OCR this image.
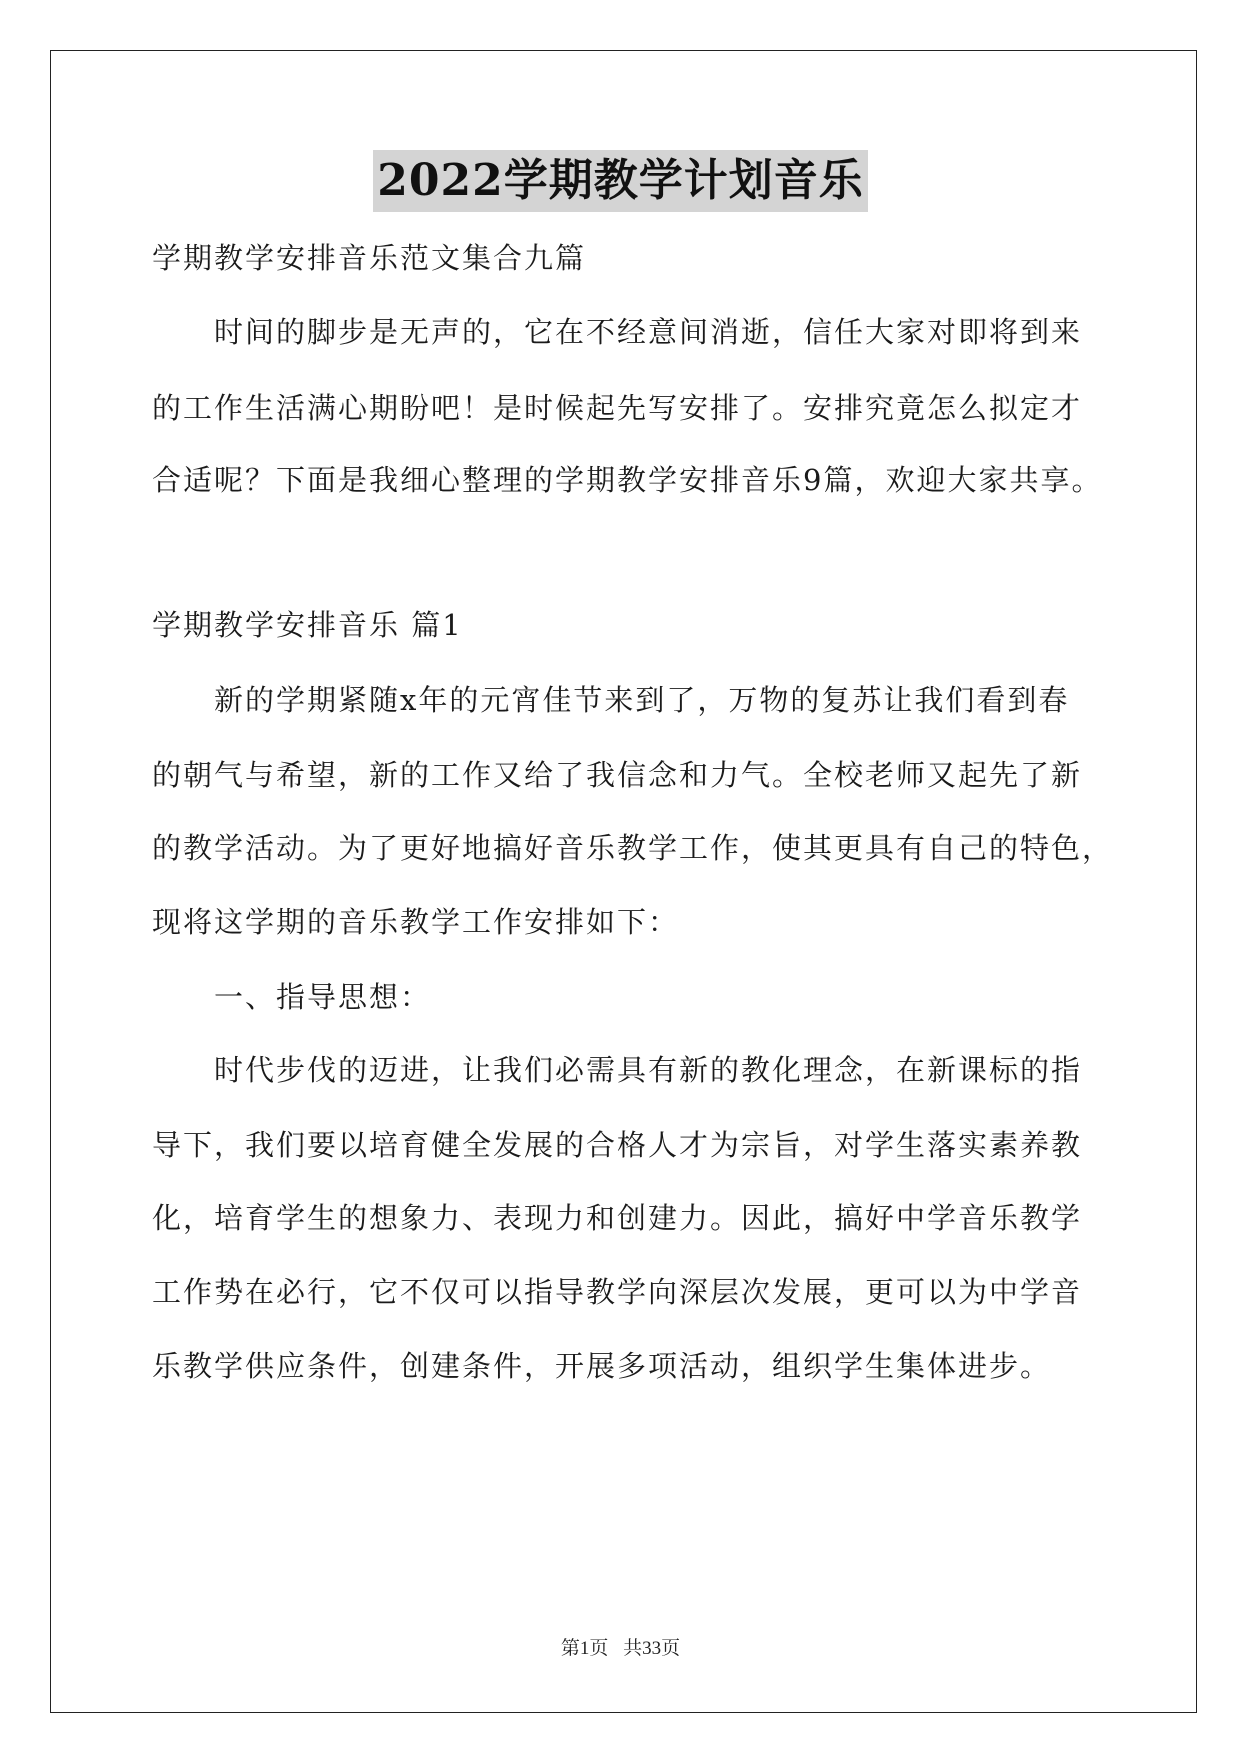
2022学期教学计划音乐
学期教学安排音乐范文集合九篇
时间的脚步是无声的，它在不经意间消逝，信任大家对即将到来
的工作生活满心期盼吧！是时候起先写安排了。安排究竟怎么拟定才
合适呢？下面是我细心整理的学期教学安排音乐9篇，欢迎大家共享。
学期教学安排音乐 篇1
新的学期紧随x年的元宵佳节来到了，万物的复苏让我们看到春
的朝气与希望，新的工作又给了我信念和力气。全校老师又起先了新
的教学活动。为了更好地搞好音乐教学工作，使其更具有自己的特色，
现将这学期的音乐教学工作安排如下：
一、指导思想：
时代步伐的迈进，让我们必需具有新的教化理念，在新课标的指
导下，我们要以培育健全发展的合格人才为宗旨，对学生落实素养教
化，培育学生的想象力、表现力和创建力。因此，搞好中学音乐教学
工作势在必行，它不仅可以指导教学向深层次发展，更可以为中学音
乐教学供应条件，创建条件，开展多项活动，组织学生集体进步。
第1页 共33页
